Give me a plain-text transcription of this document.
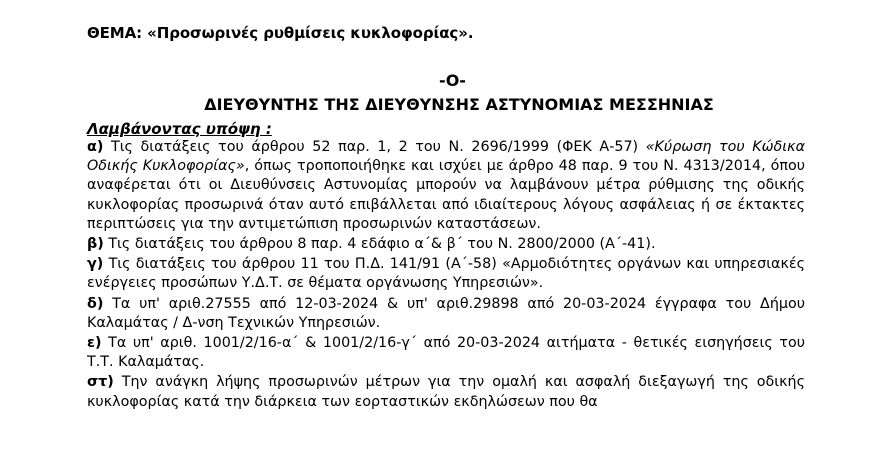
ΘΕΜΑ: «Προσωρινές ρυθμίσεις κυκλοφορίας».
-Ο-
ΔΙΕΥΘΥΝΤΗΣ ΤΗΣ ΔΙΕΥΘΥΝΣΗΣ ΑΣΤΥΝΟΜΙΑΣ ΜΕΣΣΗΝΙΑΣ
Λαμβάνοντας υπόψη :

α) Τις διατάξεις του άρθρου 52 παρ. 1, 2 του Ν. 2696/1999 (ΦΕΚ Α-57) «Κύρωση του Κώδικα Οδικής Κυκλοφορίας», όπως τροποποιήθηκε και ισχύει με άρθρο 48 παρ. 9 του Ν. 4313/2014, όπου αναφέρεται ότι οι Διευθύνσεις Αστυνομίας μπορούν να λαμβάνουν μέτρα ρύθμισης της οδικής κυκλοφορίας προσωρινά όταν αυτό επιβάλλεται από ιδιαίτερους λόγους ασφάλειας ή σε έκτακτες περιπτώσεις για την αντιμετώπιση προσωρινών καταστάσεων.

β) Τις διατάξεις του άρθρου 8 παρ. 4 εδάφιο α΄& β΄ του Ν. 2800/2000 (Α΄-41).

γ) Τις διατάξεις του άρθρου 11 του Π.Δ. 141/91 (Α΄-58) «Αρμοδιότητες οργάνων και υπηρεσιακές ενέργειες προσώπων Υ.Δ.Τ. σε θέματα οργάνωσης Υπηρεσιών».

δ) Τα υπ' αριθ.27555 από 12-03-2024 & υπ' αριθ.29898 από 20-03-2024 έγγραφα του Δήμου Καλαμάτας / Δ-νση Τεχνικών Υπηρεσιών.

ε) Τα υπ' αριθ. 1001/2/16-α΄ & 1001/2/16-γ΄ από 20-03-2024 αιτήματα - θετικές εισηγήσεις του Τ.Τ. Καλαμάτας.

στ) Την ανάγκη λήψης προσωρινών μέτρων για την ομαλή και ασφαλή διεξαγωγή της οδικής κυκλοφορίας κατά την διάρκεια των εορταστικών εκδηλώσεων που θα
